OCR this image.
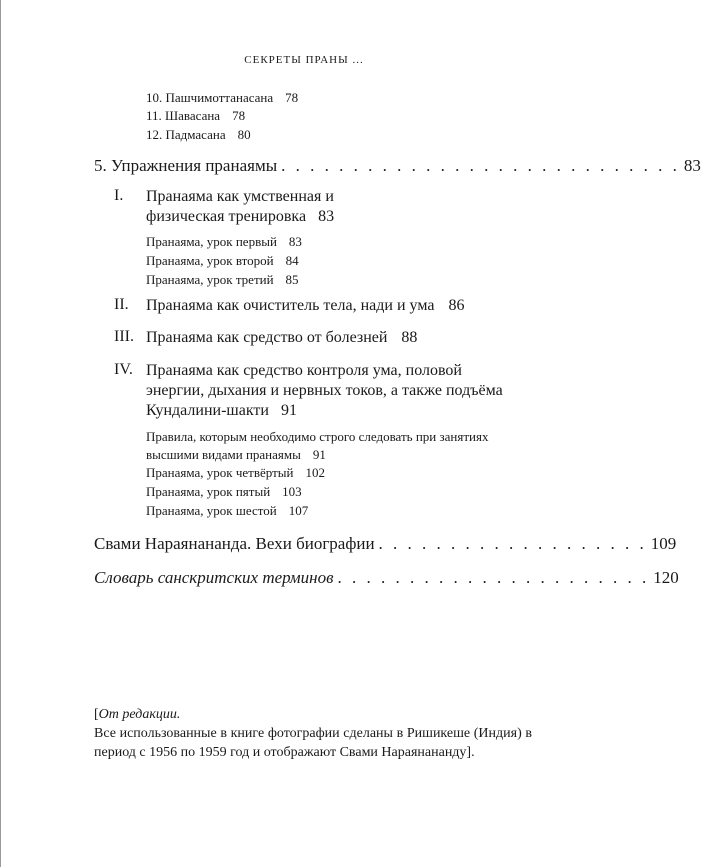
СЕКРЕТЫ ПРАНЫ ...
10. Пашчимоттанасана 78
11. Шавасана 78
12. Падмасана 80
5. Упражнения пранаямы . . . . . . . . . . . . . . . . . . . . . . . . . . . . 83
I. Пранаяма как умственная и
физическая тренировка 83
Пранаяма, урок первый 83
Пранаяма, урок второй 84
Пранаяма, урок третий 85
II. Пранаяма как очиститель тела, нади и ума 86
III. Пранаяма как средство от болезней 88
IV. Пранаяма как средство контроля ума, половой
энергии, дыхания и нервных токов, а также подъёма
Кундалини-шакти 91
Правила, которым необходимо строго следовать при занятиях
высшими видами пранаямы 91
Пранаяма, урок четвёртый 102
Пранаяма, урок пятый 103
Пранаяма, урок шестой 107
Свами Нараянананда. Вехи биографии . . . . . . . . . . . . . . . . . . . 109
Словарь санскритских терминов . . . . . . . . . . . . . . . . . . . . . . 120
[От редакции.
Все использованные в книге фотографии сделаны в Ришикеше (Индия) в период с 1956 по 1959 год и отображают Свами Нараянананду].
